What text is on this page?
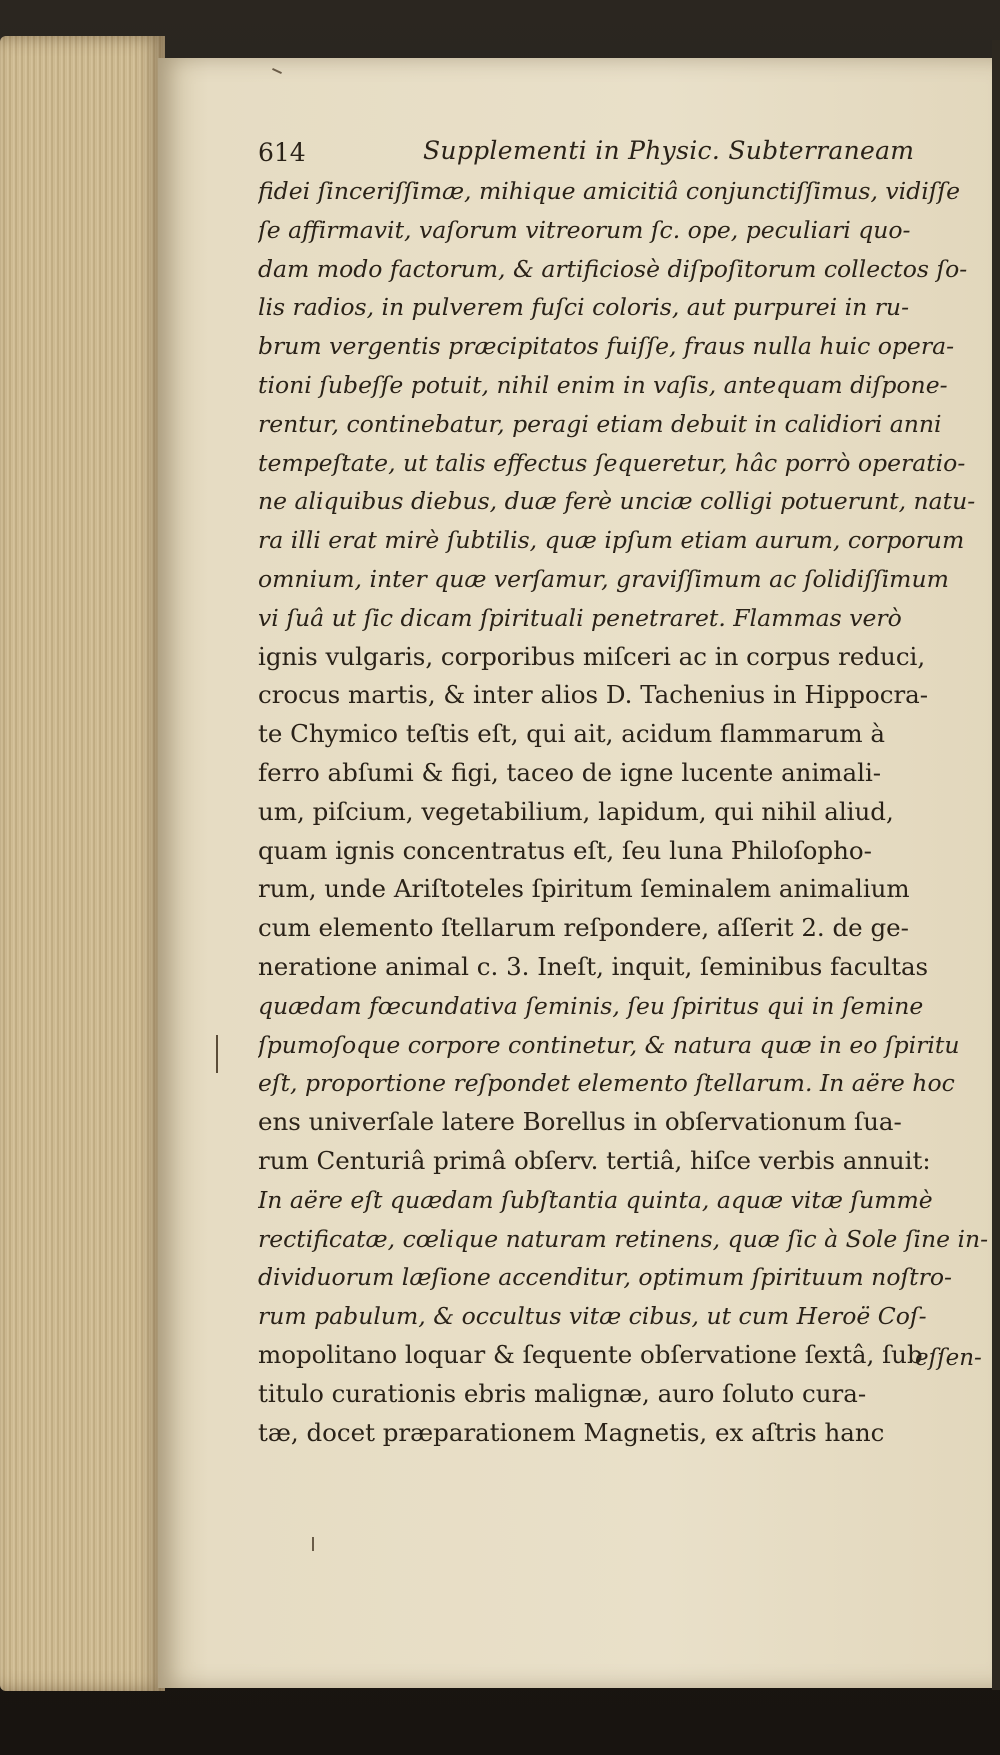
614	Supplementi in Physic. Subterraneam
fidei ſinceriſſimæ, mihique amicitiâ conjunctiſſimus, vidiſſe
ſe affirmavit, vaſorum vitreorum ſc. ope, peculiari quo-
dam modo factorum, & artificiosè diſpoſitorum collectos ſo-
lis radios, in pulverem fuſci coloris, aut purpurei in ru-
brum vergentis præcipitatos fuiſſe, fraus nulla huic opera-
tioni ſubeſſe potuit, nihil enim in vaſis, antequam diſpone-
rentur, continebatur, peragi etiam debuit in calidiori anni
tempeſtate, ut talis effectus ſequeretur, hâc porrò operatio-
ne aliquibus diebus, duæ ferè unciæ colligi potuerunt, natu-
ra illi erat mirè ſubtilis, quæ ipſum etiam aurum, corporum
omnium, inter quæ verſamur, graviſſimum ac ſolidiſſimum
vi ſuâ ut ſic dicam ſpirituali penetraret. Flammas verò
ignis vulgaris, corporibus miſceri ac in corpus reduci,
crocus martis, & inter alios D. Tachenius in Hippocra-
te Chymico teſtis eſt, qui ait, acidum flammarum à
ferro abſumi & figi, taceo de igne lucente animali-
um, piſcium, vegetabilium, lapidum, qui nihil aliud,
quam ignis concentratus eſt, ſeu luna Philoſopho-
rum, unde Ariſtoteles ſpiritum ſeminalem animalium
cum elemento ſtellarum reſpondere, aſſerit 2. de ge-
neratione animal c. 3. Ineſt, inquit, ſeminibus facultas
quædam fœcundativa ſeminis, ſeu ſpiritus qui in ſemine
ſpumoſoque corpore continetur, & natura quæ in eo ſpiritu
eſt, proportione reſpondet elemento ſtellarum. In aëre hoc
ens univerſale latere Borellus in obſervationum ſua-
rum Centuriâ primâ obſerv. tertiâ, hiſce verbis annuit:
In aëre eſt quædam ſubſtantia quinta, aquæ vitæ ſummè
rectificatæ, cœlique naturam retinens, quæ ſic à Sole ſine in-
dividuorum læſione accenditur, optimum ſpirituum noſtro-
rum pabulum, & occultus vitæ cibus, ut cum Heroë Coſ-
mopolitano loquar & ſequente obſervatione ſextâ, ſub
titulo curationis ebris malignæ, auro ſoluto cura-
tæ, docet præparationem Magnetis, ex aſtris hanc
eſſen-
